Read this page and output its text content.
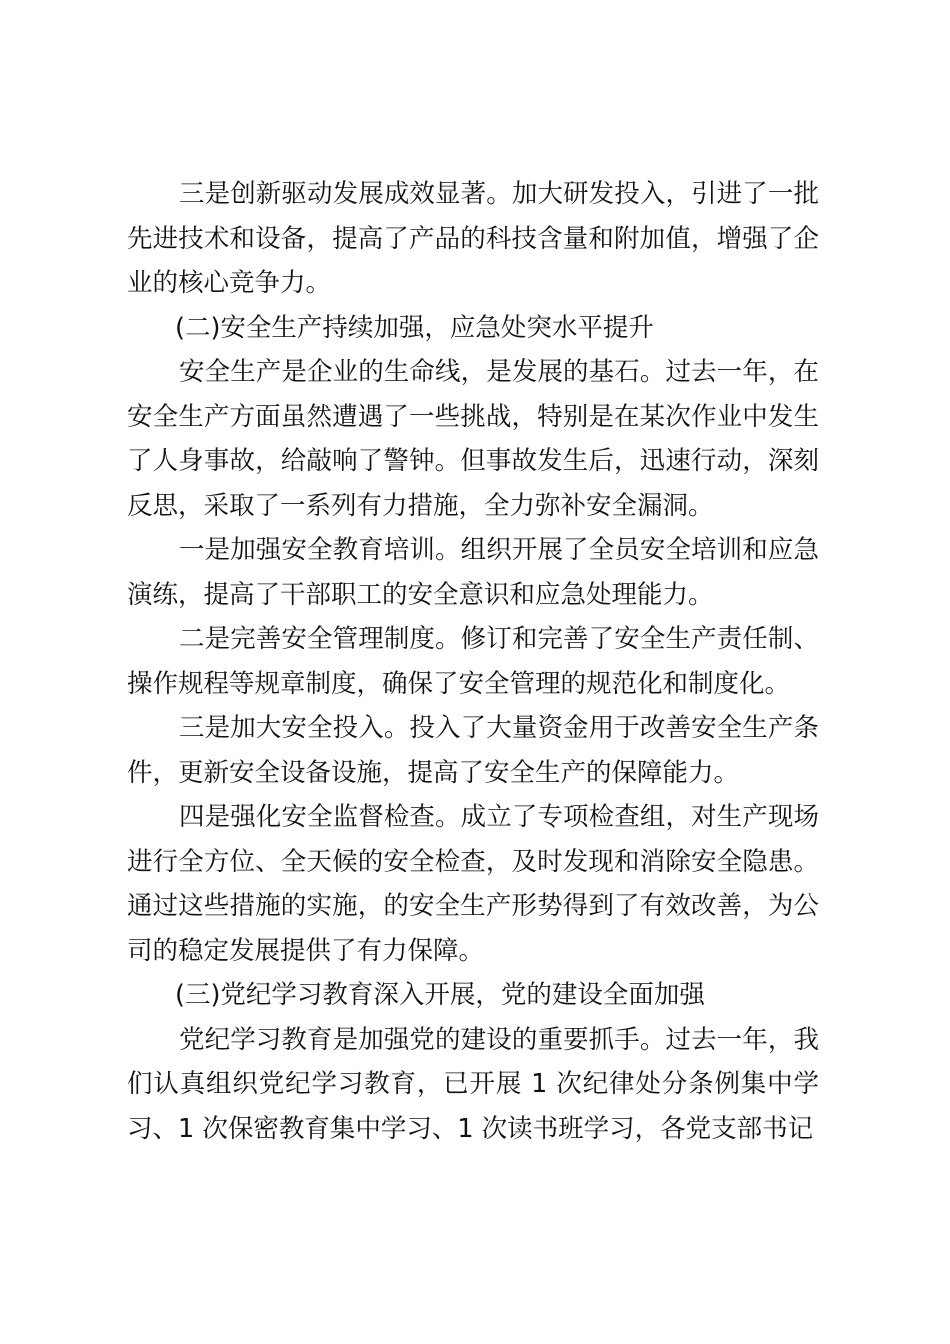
三是创新驱动发展成效显著。加大研发投入，引进了一批先进技术和设备，提高了产品的科技含量和附加值，增强了企业的核心竞争力。

(二)安全生产持续加强，应急处突水平提升

安全生产是企业的生命线，是发展的基石。过去一年，在安全生产方面虽然遭遇了一些挑战，特别是在某次作业中发生了人身事故，给敲响了警钟。但事故发生后，迅速行动，深刻反思，采取了一系列有力措施，全力弥补安全漏洞。

一是加强安全教育培训。组织开展了全员安全培训和应急演练，提高了干部职工的安全意识和应急处理能力。

二是完善安全管理制度。修订和完善了安全生产责任制、操作规程等规章制度，确保了安全管理的规范化和制度化。

三是加大安全投入。投入了大量资金用于改善安全生产条件，更新安全设备设施，提高了安全生产的保障能力。

四是强化安全监督检查。成立了专项检查组，对生产现场进行全方位、全天候的安全检查，及时发现和消除安全隐患。通过这些措施的实施，的安全生产形势得到了有效改善，为公司的稳定发展提供了有力保障。

(三)党纪学习教育深入开展，党的建设全面加强

党纪学习教育是加强党的建设的重要抓手。过去一年，我们认真组织党纪学习教育，已开展 1 次纪律处分条例集中学习、1 次保密教育集中学习、1 次读书班学习，各党支部书记
